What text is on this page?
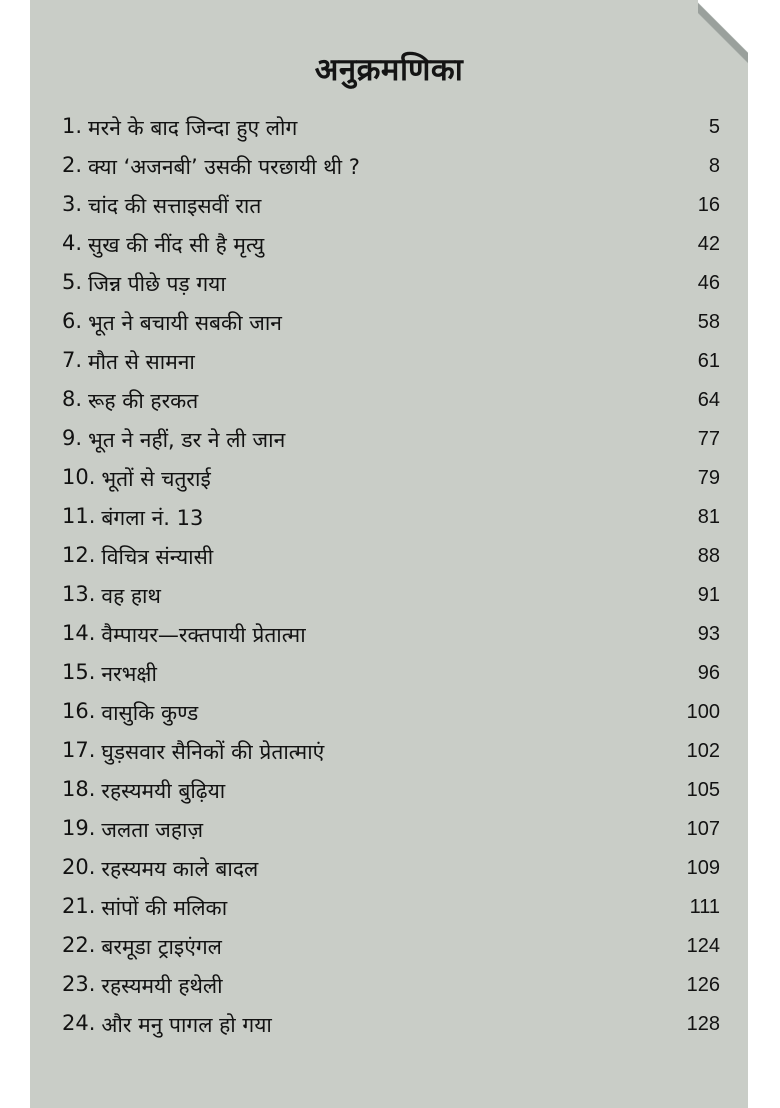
अनुक्रमणिका
1. मरने के बाद जिन्दा हुए लोग	5
2. क्या ‘अजनबी’ उसकी परछायी थी ?	8
3. चांद की सत्ताइसवीं रात	16
4. सुख की नींद सी है मृत्यु	42
5. जिन्न पीछे पड़ गया	46
6. भूत ने बचायी सबकी जान	58
7. मौत से सामना	61
8. रूह की हरकत	64
9. भूत ने नहीं, डर ने ली जान	77
10. भूतों से चतुराई	79
11. बंगला नं. 13	81
12. विचित्र संन्यासी	88
13. वह हाथ	91
14. वैम्पायर—रक्तपायी प्रेतात्मा	93
15. नरभक्षी	96
16. वासुकि कुण्ड	100
17. घुड़सवार सैनिकों की प्रेतात्माएं	102
18. रहस्यमयी बुढ़िया	105
19. जलता जहाज़	107
20. रहस्यमय काले बादल	109
21. सांपों की मलिका	111
22. बरमूडा ट्राइएंगल	124
23. रहस्यमयी हथेली	126
24. और मनु पागल हो गया	128
